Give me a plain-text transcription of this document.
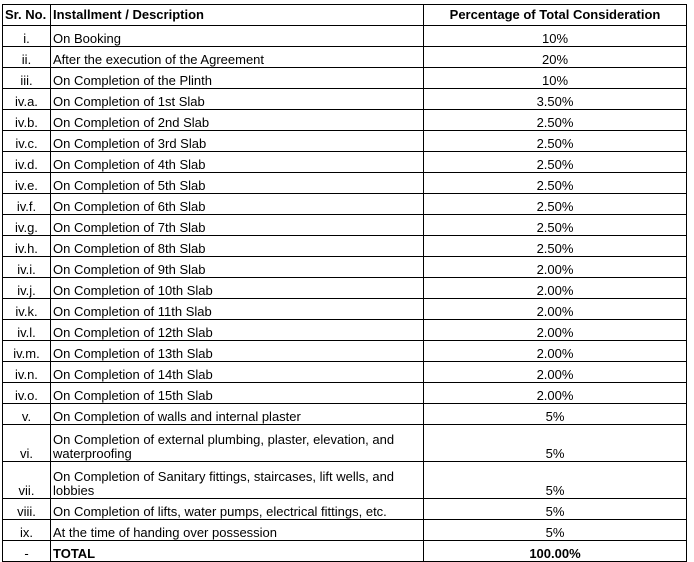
Sr. No.	Installment / Description	Percentage of Total Consideration
i.	On Booking	10%
ii.	After the execution of the Agreement	20%
iii.	On Completion of the Plinth	10%
iv.a.	On Completion of 1st Slab	3.50%
iv.b.	On Completion of 2nd Slab	2.50%
iv.c.	On Completion of 3rd Slab	2.50%
iv.d.	On Completion of 4th Slab	2.50%
iv.e.	On Completion of 5th Slab	2.50%
iv.f.	On Completion of 6th Slab	2.50%
iv.g.	On Completion of 7th Slab	2.50%
iv.h.	On Completion of 8th Slab	2.50%
iv.i.	On Completion of 9th Slab	2.00%
iv.j.	On Completion of 10th Slab	2.00%
iv.k.	On Completion of 11th Slab	2.00%
iv.l.	On Completion of 12th Slab	2.00%
iv.m.	On Completion of 13th Slab	2.00%
iv.n.	On Completion of 14th Slab	2.00%
iv.o.	On Completion of 15th Slab	2.00%
v.	On Completion of walls and internal plaster	5%
vi.	On Completion of external plumbing, plaster, elevation, and waterproofing	5%
vii.	On Completion of Sanitary fittings, staircases, lift wells, and lobbies	5%
viii.	On Completion of lifts, water pumps, electrical fittings, etc.	5%
ix.	At the time of handing over possession	5%
-	TOTAL	100.00%
